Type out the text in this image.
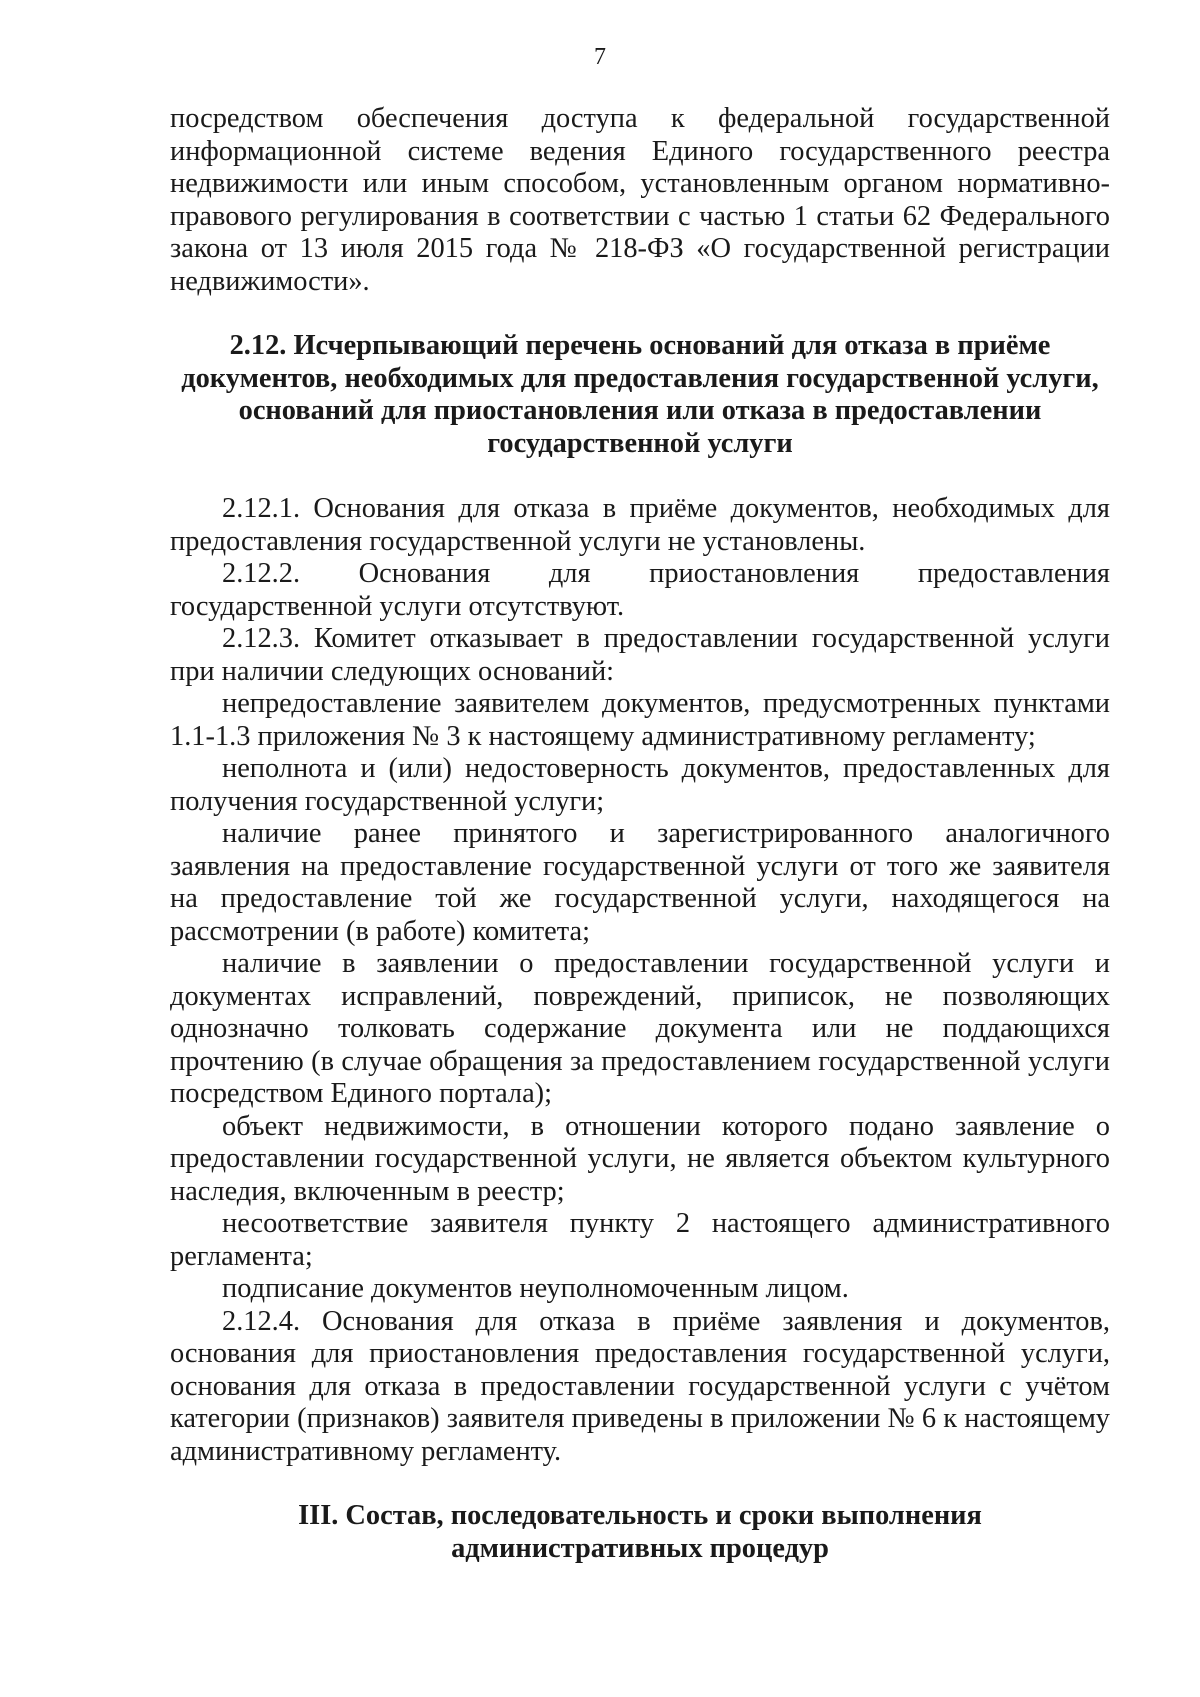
7

посредством обеспечения доступа к федеральной государственной информационной системе ведения Единого государственного реестра недвижимости или иным способом, установленным органом нормативно-правового регулирования в соответствии с частью 1 статьи 62 Федерального закона от 13 июля 2015 года № 218-ФЗ «О государственной регистрации недвижимости».

2.12. Исчерпывающий перечень оснований для отказа в приёме документов, необходимых для предоставления государственной услуги, оснований для приостановления или отказа в предоставлении государственной услуги

2.12.1. Основания для отказа в приёме документов, необходимых для предоставления государственной услуги не установлены.

2.12.2. Основания для приостановления предоставления государственной услуги отсутствуют.

2.12.3. Комитет отказывает в предоставлении государственной услуги при наличии следующих оснований:

непредоставление заявителем документов, предусмотренных пунктами 1.1-1.3 приложения № 3 к настоящему административному регламенту;

неполнота и (или) недостоверность документов, предоставленных для получения государственной услуги;

наличие ранее принятого и зарегистрированного аналогичного заявления на предоставление государственной услуги от того же заявителя на предоставление той же государственной услуги, находящегося на рассмотрении (в работе) комитета;

наличие в заявлении о предоставлении государственной услуги и документах исправлений, повреждений, приписок, не позволяющих однозначно толковать содержание документа или не поддающихся прочтению (в случае обращения за предоставлением государственной услуги посредством Единого портала);

объект недвижимости, в отношении которого подано заявление о предоставлении государственной услуги, не является объектом культурного наследия, включенным в реестр;

несоответствие заявителя пункту 2 настоящего административного регламента;

подписание документов неуполномоченным лицом.

2.12.4. Основания для отказа в приёме заявления и документов, основания для приостановления предоставления государственной услуги, основания для отказа в предоставлении государственной услуги с учётом категории (признаков) заявителя приведены в приложении № 6 к настоящему административному регламенту.

III. Состав, последовательность и сроки выполнения административных процедур
